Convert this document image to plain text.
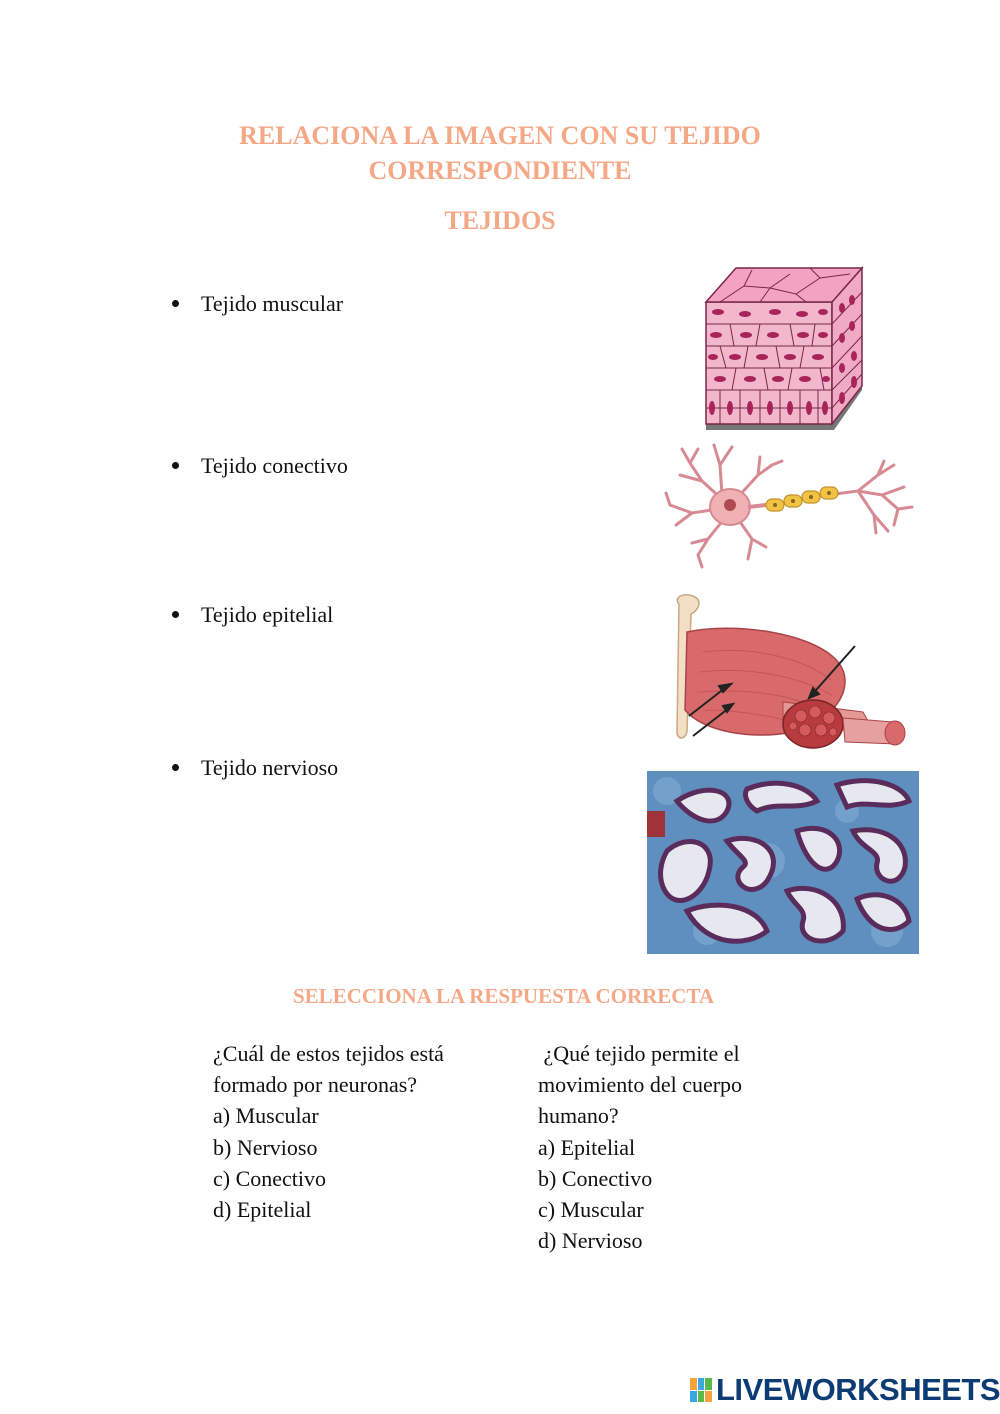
RELACIONA LA IMAGEN CON SU TEJIDO
CORRESPONDIENTE
TEJIDOS
Tejido muscular
Tejido conectivo
Tejido epitelial
Tejido nervioso
SELECCIONA LA RESPUESTA CORRECTA
¿Cuál de estos tejidos está
formado por neuronas?
a) Muscular
b) Nervioso
c) Conectivo
d) Epitelial
¿Qué tejido permite el
movimiento del cuerpo
humano?
a) Epitelial
b) Conectivo
c) Muscular
d) Nervioso
LIVEWORKSHEETS
